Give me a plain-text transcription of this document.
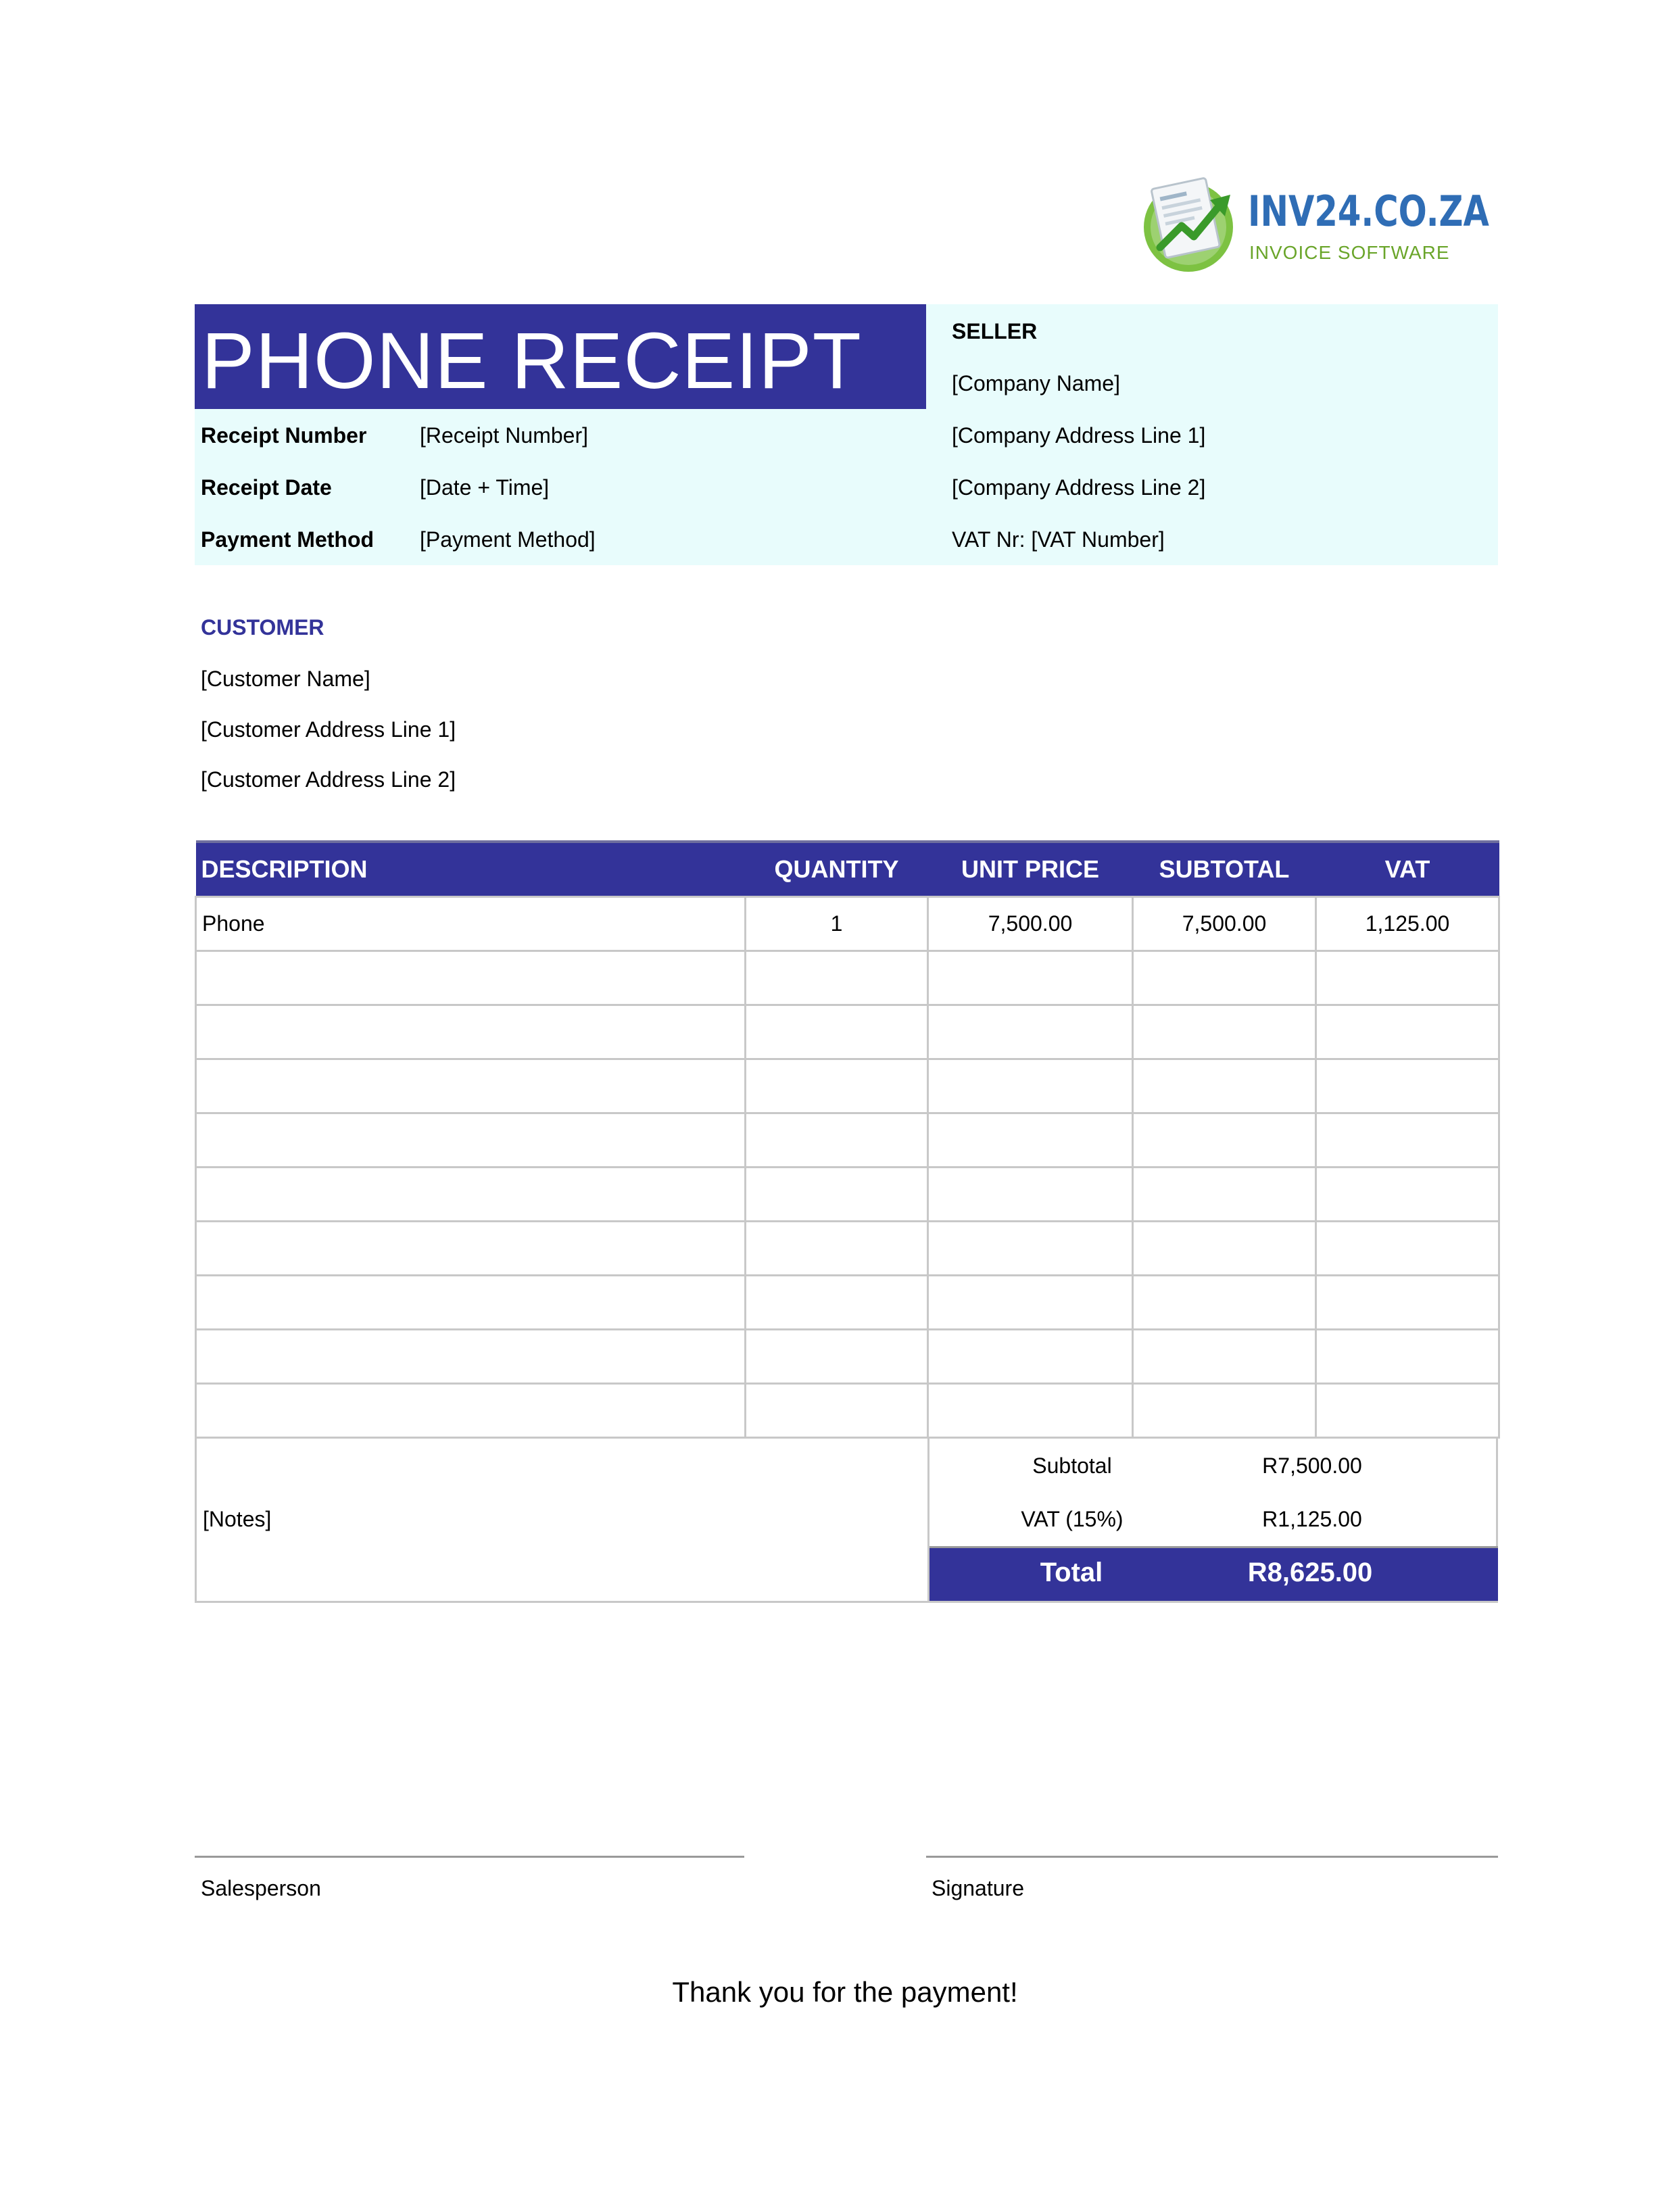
INV24.CO.ZA
INVOICE SOFTWARE
PHONE RECEIPT
Receipt Number [Receipt Number]
Receipt Date	[Date + Time]
Payment Method [Payment Method]
SELLER
[Company Name]
[Company Address Line 1]
[Company Address Line 2]
VAT Nr: [VAT Number]
CUSTOMER
[Customer Name]
[Customer Address Line 1]
[Customer Address Line 2]
DESCRIPTION	QUANTITY	UNIT PRICE	SUBTOTAL	VAT
Phone	1	7,500.00	7,500.00	1,125.00

[Notes]
Subtotal	R7,500.00
VAT (15%)	R1,125.00
Total	R8,625.00
Salesperson	Signature
Thank you for the payment!
